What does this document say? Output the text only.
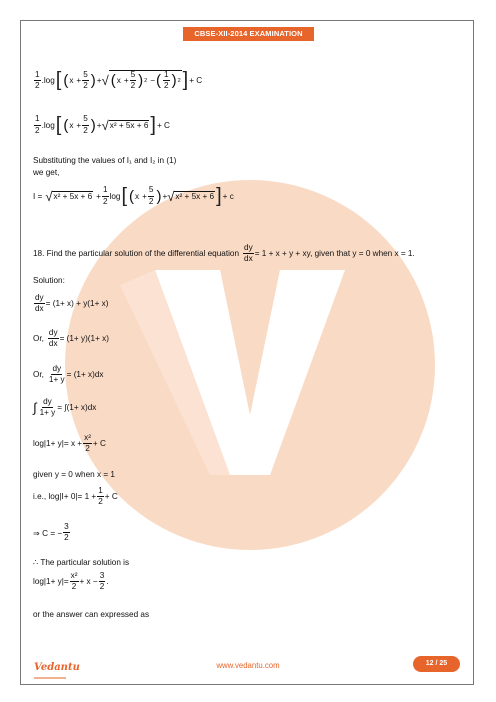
CBSE-XII-2014 EXAMINATION
$\frac{1}{2} .\log$ [ ( $x + \frac{5}{2}$ ) + √ ( $x + \frac{5}{2}$ ) 2 − ( $\frac{1}{2}$ ) 2 ] + C
$\frac{1}{2} .\log$ [ ( $x + \frac{5}{2}$ ) + √ x² + 5x + 6 ] + C
Substituting the values of I₁ and I₂ in (1)
we get,
I = √ $x^2 + 5x + 6 + \frac{1}{2}$ log [ ( $x + \frac{5}{2}$ ) + √ x² + 5x + 6 ] + c
18. Find the particular solution of the differential equation $\frac{dy}{dx} = 1 + x + y$ + xy, given that y = 0 when x = 1.
Solution:
$\frac{dy}{dx} = (1+ x) + y(1+ x)$
Or, $\frac{dy}{dx} = (1+ y)(1+ x)$
Or, $\frac{dy}{1+ y} = (1+ x)dx$
∫ $\frac{dy}{1+ y} = \int(1+ x)dx$
$\log|1+ y|= x + \frac{\text{x²}}{2} + C$
given y = 0 when x = 1
i.e., $\log|I+ 0|= 1 + \frac{1}{2} + C$
⇒ C = − $\frac{3}{2}$
∴ The particular solution is
$\log|1+ y|= \frac{\text{x²}}{2} + x - \frac{3}{2}$ .
or the answer can expressed as
Vedantu	www.vedantu.com	12 / 25
